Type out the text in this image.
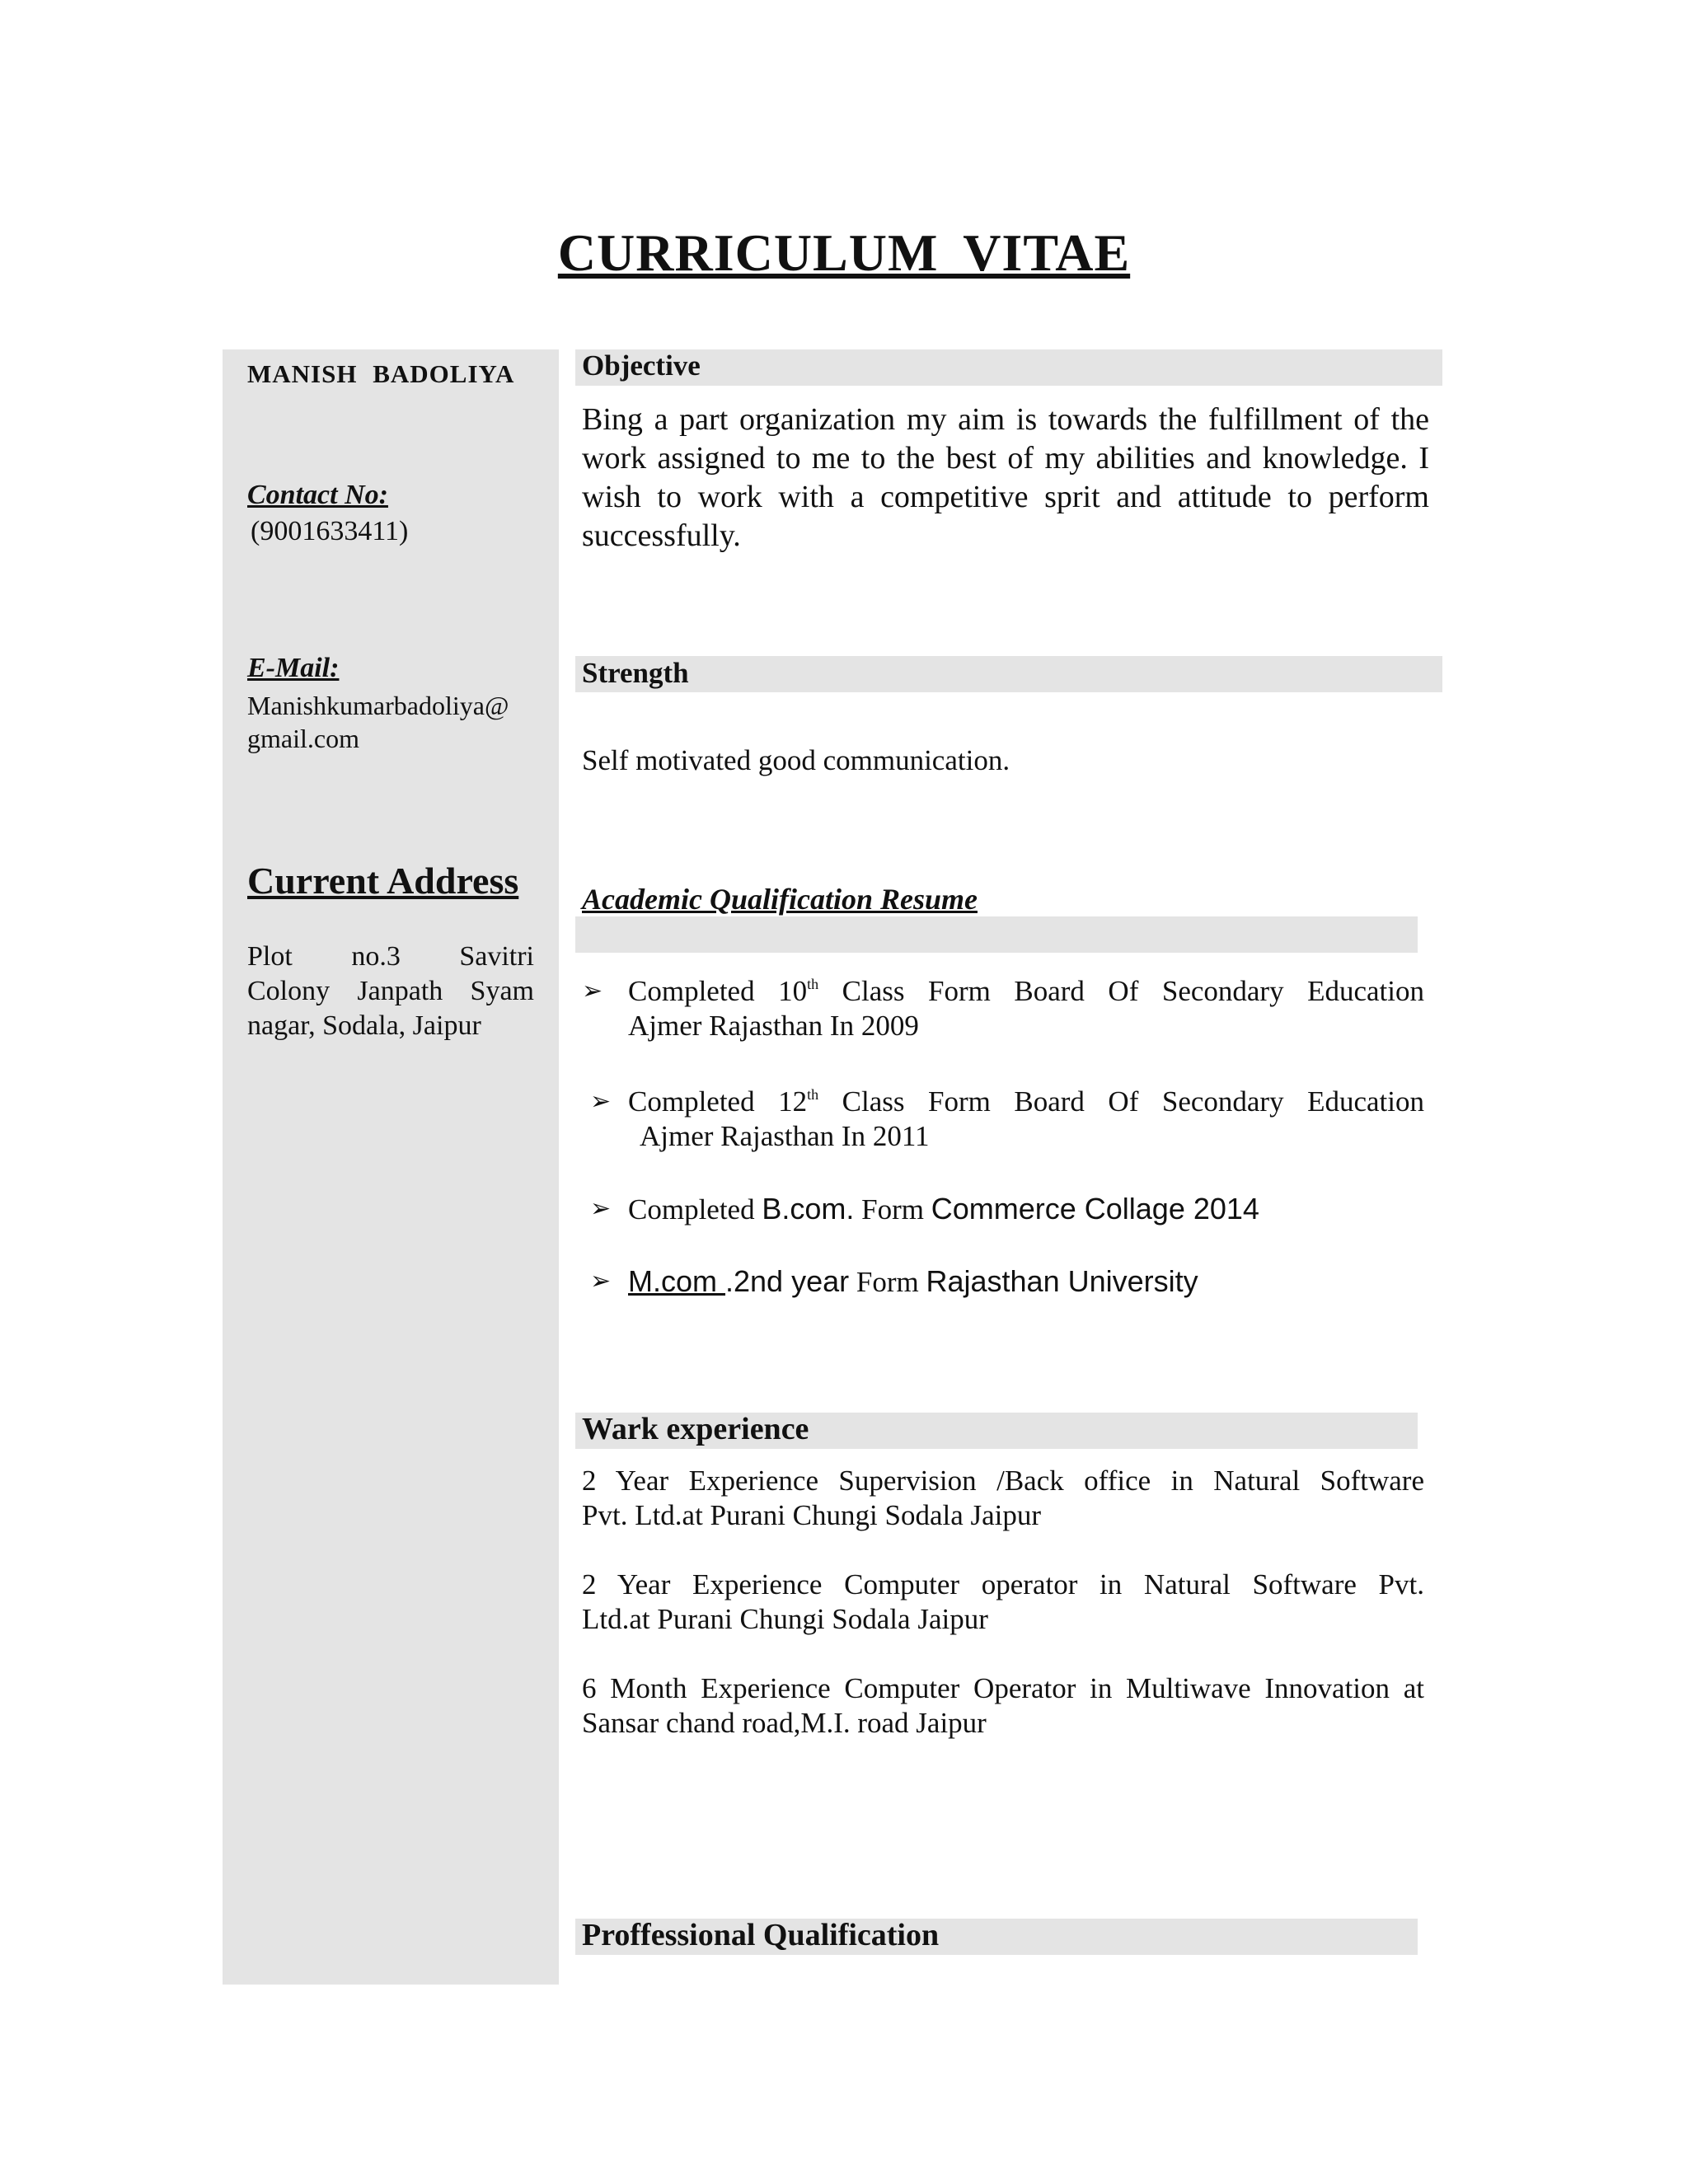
CURRICULUM VITAE
MANISH BADOLIYA
Contact No:
(9001633411)
E-Mail:
Manishkumarbadoliya@
gmail.com
Current Address
Plot no.3 Savitri
Colony Janpath Syam
nagar, Sodala, Jaipur
Objective
Bing a part organization my aim is towards the fulfillment of the work assigned to me to the best of my abilities and knowledge. I wish to work with a competitive sprit and attitude to perform successfully.
Strength
Self motivated good communication.
Academic Qualification Resume
➢ Completed 10th Class Form Board Of Secondary Education
Ajmer Rajasthan In 2009
➢ Completed 12th Class Form Board Of Secondary Education
Ajmer Rajasthan In 2011
➢ Completed B.com. Form Commerce Collage 2014
➢ M.com .2nd year Form Rajasthan University
Wark experience

2 Year Experience Supervision /Back office in Natural Software
Pvt. Ltd.at Purani Chungi Sodala Jaipur

2 Year Experience Computer operator in Natural Software Pvt.
Ltd.at Purani Chungi Sodala Jaipur

6 Month Experience Computer Operator in Multiwave Innovation at
Sansar chand road,M.I. road Jaipur

Proffessional Qualification
